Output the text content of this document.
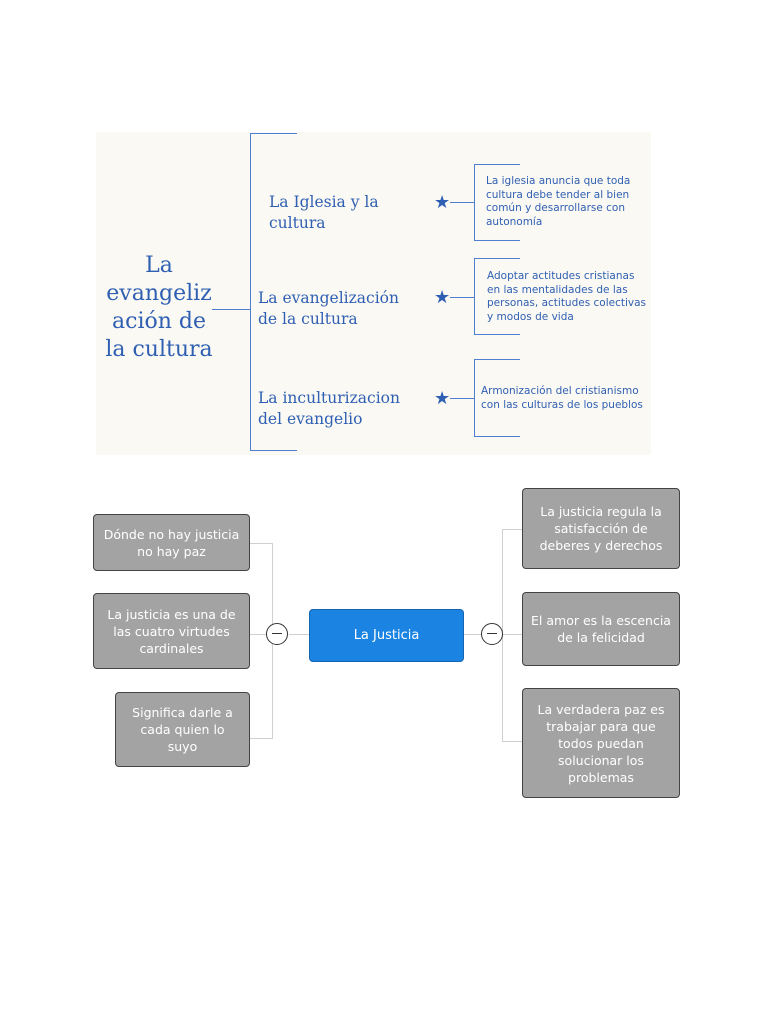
La
evangeliz
ación de
la cultura
La Iglesia y la
cultura
★
La iglesia anuncia que toda
cultura debe tender al bien
común y desarrollarse con
autonomía
La evangelización
de la cultura
★
Adoptar actitudes cristianas
en las mentalidades de las
personas, actitudes colectivas
y modos de vida
La inculturizacion
del evangelio
★	Armonización del cristianismo
con las culturas de los pueblos
Dónde no hay justicia no hay paz
La justicia es una de las cuatro virtudes cardinales
Significa darle a cada quien lo suyo
La Justicia
La justicia regula la satisfacción de deberes y derechos
El amor es la escencia de la felicidad
La verdadera paz es trabajar para que todos puedan solucionar los problemas
